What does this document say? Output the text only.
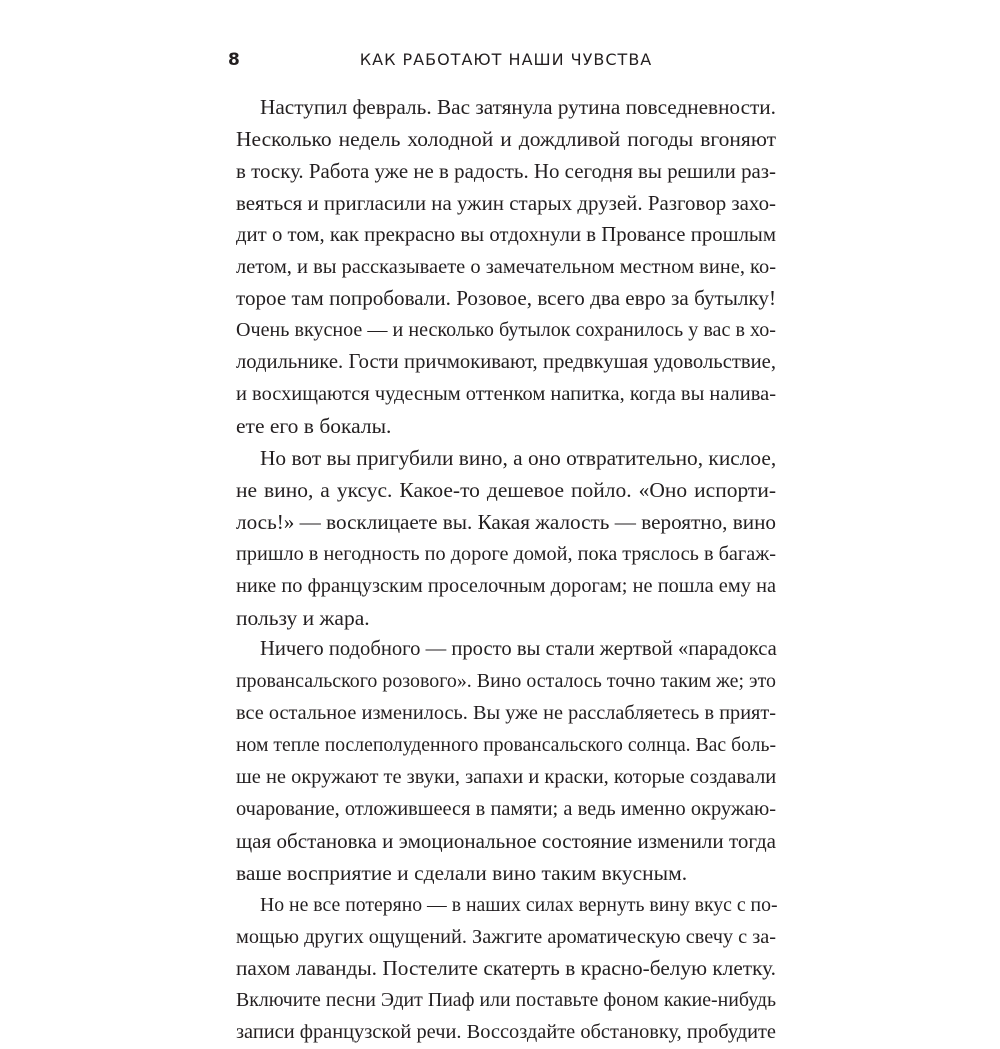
8	КАК РАБОТАЮТ НАШИ ЧУВСТВА
Наступил февраль. Вас затянула рутина повседневности.
Несколько недель холодной и дождливой погоды вгоняют
в тоску. Работа уже не в радость. Но сегодня вы решили раз-
веяться и пригласили на ужин старых друзей. Разговор захо-
дит о том, как прекрасно вы отдохнули в Провансе прошлым
летом, и вы рассказываете о замечательном местном вине, ко-
торое там попробовали. Розовое, всего два евро за бутылку!
Очень вкусное — и несколько бутылок сохранилось у вас в хо-
лодильнике. Гости причмокивают, предвкушая удовольствие,
и восхищаются чудесным оттенком напитка, когда вы налива-
ете его в бокалы.
Но вот вы пригубили вино, а оно отвратительно, кислое,
не вино, а уксус. Какое-то дешевое пойло. «Оно испорти-
лось!» — восклицаете вы. Какая жалость — вероятно, вино
пришло в негодность по дороге домой, пока тряслось в багаж-
нике по французским проселочным дорогам; не пошла ему на
пользу и жара.
Ничего подобного — просто вы стали жертвой «парадокса
провансальского розового». Вино осталось точно таким же; это
все остальное изменилось. Вы уже не расслабляетесь в прият-
ном тепле послеполуденного провансальского солнца. Вас боль-
ше не окружают те звуки, запахи и краски, которые создавали
очарование, отложившееся в памяти; а ведь именно окружаю-
щая обстановка и эмоциональное состояние изменили тогда
ваше восприятие и сделали вино таким вкусным.
Но не все потеряно — в наших силах вернуть вину вкус с по-
мощью других ощущений. Зажгите ароматическую свечу с за-
пахом лаванды. Постелите скатерть в красно-белую клетку.
Включите песни Эдит Пиаф или поставьте фоном какие-нибудь
записи французской речи. Воссоздайте обстановку, пробудите
